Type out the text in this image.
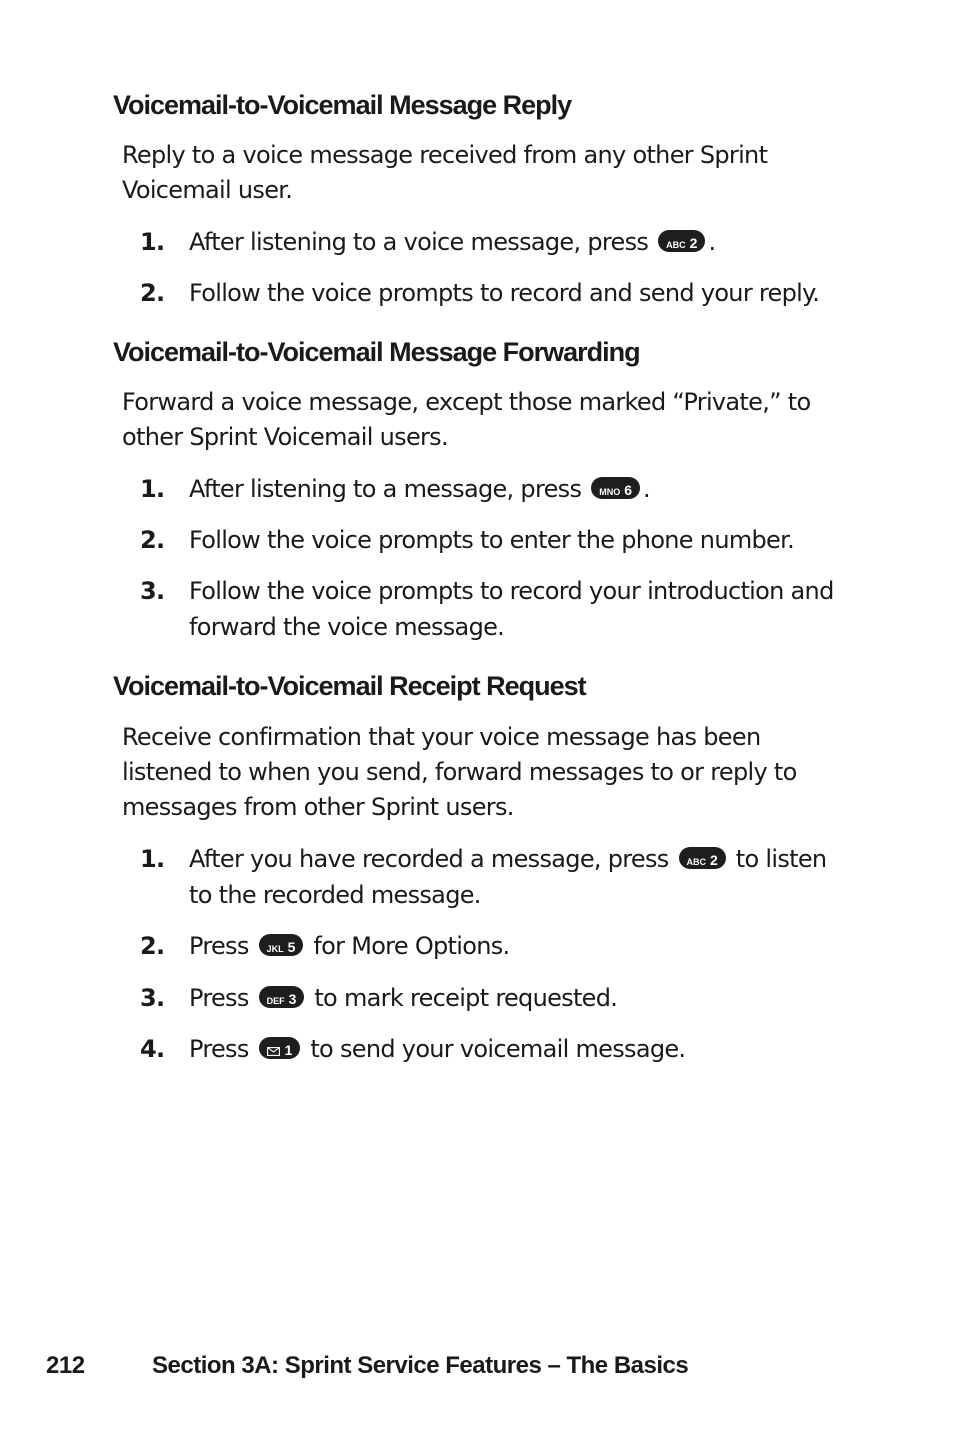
Voicemail-to-Voicemail Message Reply

Reply to a voice message received from any other Sprint Voicemail user.

1.	After listening to a voice message, press ABC 2 .
2.	Follow the voice prompts to record and send your reply.
Voicemail-to-Voicemail Message Forwarding

Forward a voice message, except those marked “Private,” to other Sprint Voicemail users.

1.	After listening to a message, press MNO 6 .
2.	Follow the voice prompts to enter the phone number.
3.	Follow the voice prompts to record your introduction and forward the voice message.
Voicemail-to-Voicemail Receipt Request

Receive confirmation that your voice message has been listened to when you send, forward messages to or reply to messages from other Sprint users.

1.	After you have recorded a message, press ABC 2 to listen to the recorded message.
2.	Press JKL 5 for More Options.
3.	Press DEF 3 to mark receipt requested.
4.	Press	1 to send your voicemail message.
212	Section 3A: Sprint Service Features – The Basics
